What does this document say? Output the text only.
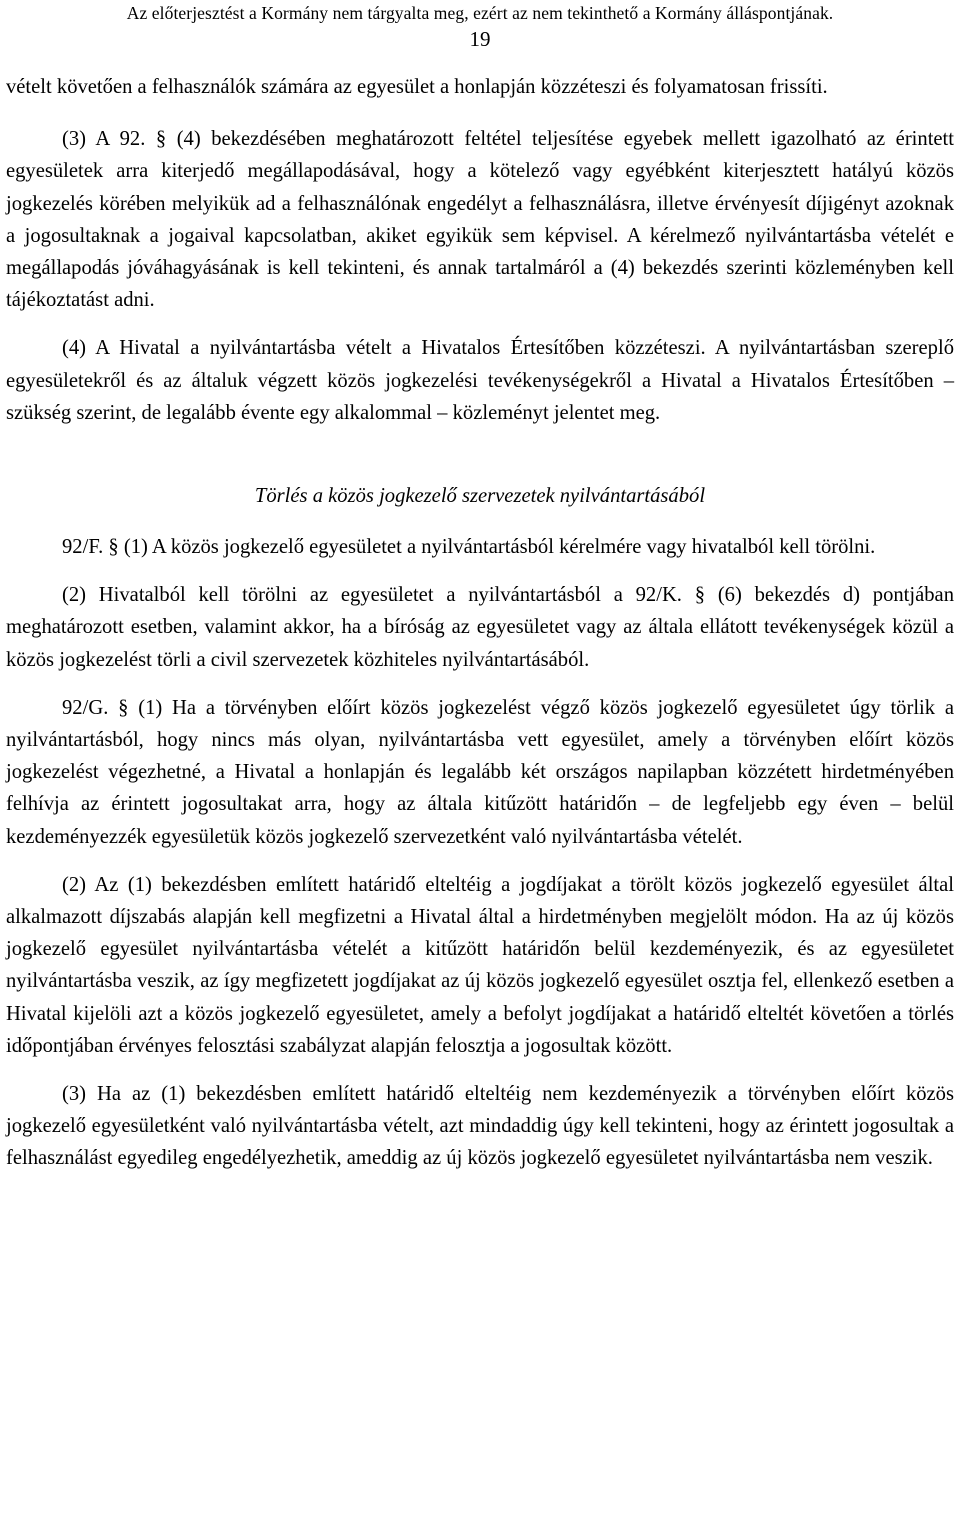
Az előterjesztést a Kormány nem tárgyalta meg, ezért az nem tekinthető a Kormány álláspontjának.
19

vételt követően a felhasználók számára az egyesület a honlapján közzéteszi és folyamatosan frissíti.

(3) A 92. § (4) bekezdésében meghatározott feltétel teljesítése egyebek mellett igazolható az érintett egyesületek arra kiterjedő megállapodásával, hogy a kötelező vagy egyébként kiterjesztett hatályú közös jogkezelés körében melyikük ad a felhasználónak engedélyt a felhasználásra, illetve érvényesít díjigényt azoknak a jogosultaknak a jogaival kapcsolatban, akiket egyikük sem képvisel. A kérelmező nyilvántartásba vételét e megállapodás jóváhagyásának is kell tekinteni, és annak tartalmáról a (4) bekezdés szerinti közleményben kell tájékoztatást adni.

(4) A Hivatal a nyilvántartásba vételt a Hivatalos Értesítőben közzéteszi. A nyilvántartásban szereplő egyesületekről és az általuk végzett közös jogkezelési tevékenységekről a Hivatal a Hivatalos Értesítőben – szükség szerint, de legalább évente egy alkalommal – közleményt jelentet meg.

Törlés a közös jogkezelő szervezetek nyilvántartásából

92/F. § (1) A közös jogkezelő egyesületet a nyilvántartásból kérelmére vagy hivatalból kell törölni.

(2) Hivatalból kell törölni az egyesületet a nyilvántartásból a 92/K. § (6) bekezdés d) pontjában meghatározott esetben, valamint akkor, ha a bíróság az egyesületet vagy az általa ellátott tevékenységek közül a közös jogkezelést törli a civil szervezetek közhiteles nyilvántartásából.

92/G. § (1) Ha a törvényben előírt közös jogkezelést végző közös jogkezelő egyesületet úgy törlik a nyilvántartásból, hogy nincs más olyan, nyilvántartásba vett egyesület, amely a törvényben előírt közös jogkezelést végezhetné, a Hivatal a honlapján és legalább két országos napilapban közzétett hirdetményében felhívja az érintett jogosultakat arra, hogy az általa kitűzött határidőn – de legfeljebb egy éven – belül kezdeményezzék egyesületük közös jogkezelő szervezetként való nyilvántartásba vételét.

(2) Az (1) bekezdésben említett határidő elteltéig a jogdíjakat a törölt közös jogkezelő egyesület által alkalmazott díjszabás alapján kell megfizetni a Hivatal által a hirdetményben megjelölt módon. Ha az új közös jogkezelő egyesület nyilvántartásba vételét a kitűzött határidőn belül kezdeményezik, és az egyesületet nyilvántartásba veszik, az így megfizetett jogdíjakat az új közös jogkezelő egyesület osztja fel, ellenkező esetben a Hivatal kijelöli azt a közös jogkezelő egyesületet, amely a befolyt jogdíjakat a határidő elteltét követően a törlés időpontjában érvényes felosztási szabályzat alapján felosztja a jogosultak között.

(3) Ha az (1) bekezdésben említett határidő elteltéig nem kezdeményezik a törvényben előírt közös jogkezelő egyesületként való nyilvántartásba vételt, azt mindaddig úgy kell tekinteni, hogy az érintett jogosultak a felhasználást egyedileg engedélyezhetik, ameddig az új közös jogkezelő egyesületet nyilvántartásba nem veszik.
